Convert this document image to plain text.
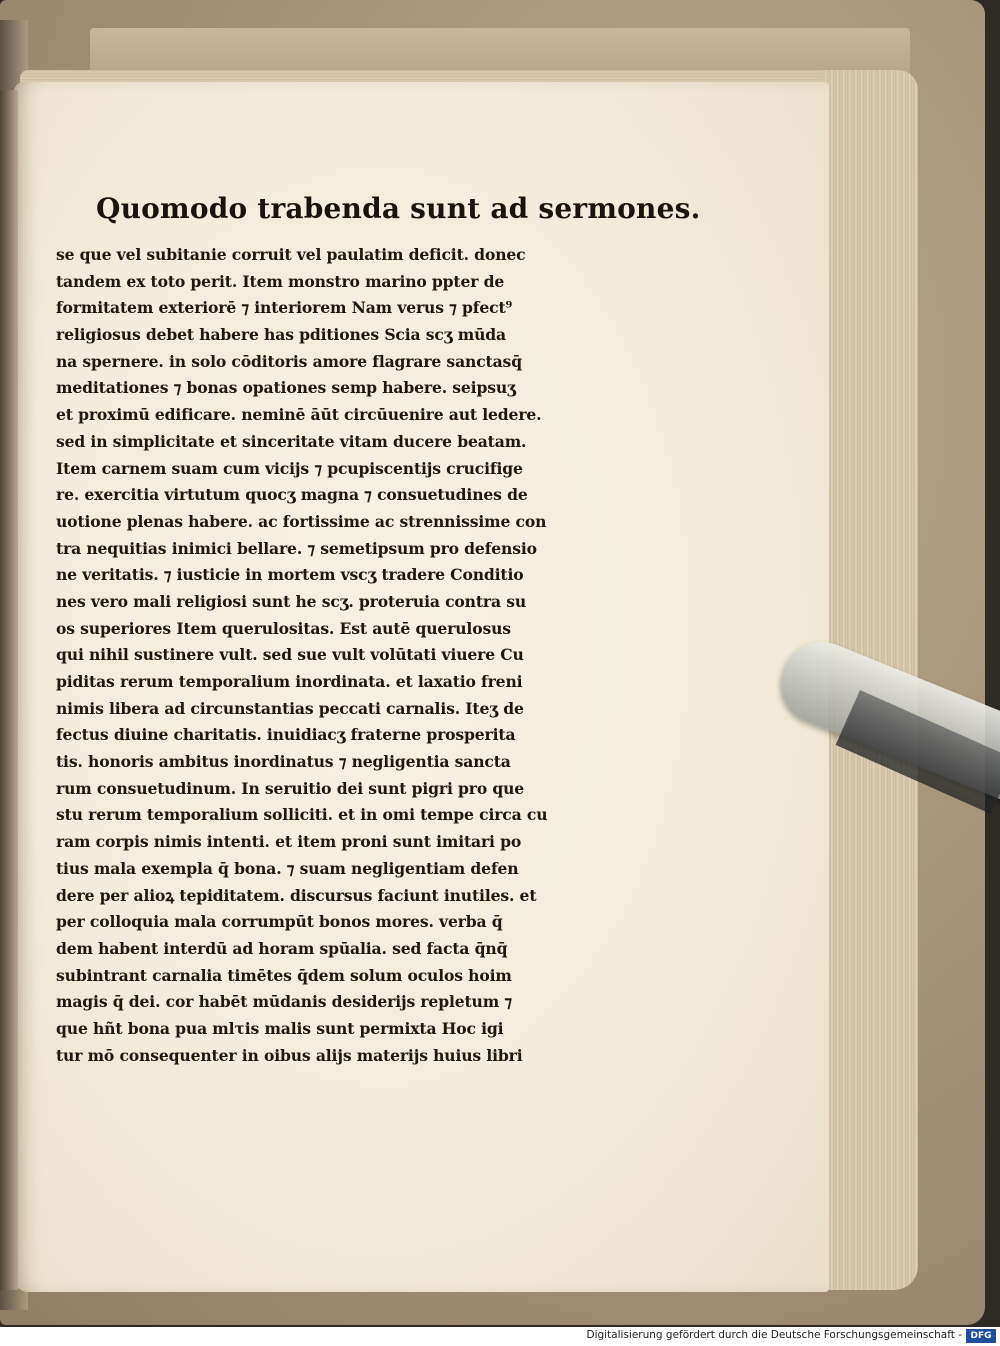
Quomodo trabenda sunt ad sermones.
se que vel subitanie corruit vel paulatim deficit. donec
tandem ex toto perit. Item monstro marino ppter de
formitatem exteriorē ⁊ interiorem Nam verus ⁊ pfect⁹
religiosus debet habere has pditiones Scia scʒ mūda
na spernere. in solo cōditoris amore flagrare sanctasq̄
meditationes ⁊ bonas opationes semp habere. seipsuʒ
et proximū edificare. neminē āūt circūuenire aut ledere.
sed in simplicitate et sinceritate vitam ducere beatam.
Item carnem suam cum vicijs ⁊ pcupiscentijs crucifige
re. exercitia virtutum quocʒ magna ⁊ consuetudines de
uotione plenas habere. ac fortissime ac strennissime con
tra nequitias inimici bellare. ⁊ semetipsum pro defensio
ne veritatis. ⁊ iusticie in mortem vscʒ tradere Conditio
nes vero mali religiosi sunt he scʒ. proteruia contra su
os superiores Item querulositas. Est autē querulosus
qui nihil sustinere vult. sed sue vult volūtati viuere Cu
piditas rerum temporalium inordinata. et laxatio freni
nimis libera ad circunstantias peccati carnalis. Iteʒ de
fectus diuine charitatis. inuidiacʒ fraterne prosperita
tis. honoris ambitus inordinatus ⁊ negligentia sancta
rum consuetudinum. In seruitio dei sunt pigri pro que
stu rerum temporalium solliciti. et in omi tempe circa cu
ram corpis nimis intenti. et item proni sunt imitari po
tius mala exempla q̄ bona. ⁊ suam negligentiam defen
dere per alioꝝ tepiditatem. discursus faciunt inutiles. et
per colloquia mala corrumpūt bonos mores. verba q̄
dem habent interdū ad horam spūalia. sed facta q̄nq̄
subintrant carnalia timētes q̄dem solum oculos hoim
magis q̄ dei. cor habēt mūdanis desiderijs repletum ⁊
que hñt bona pua mlτis malis sunt permixta Hoc igi
tur mō consequenter in oibus alijs materijs huius libri
Digitalisierung gefördert durch die Deutsche Forschungsgemeinschaft - DFG
